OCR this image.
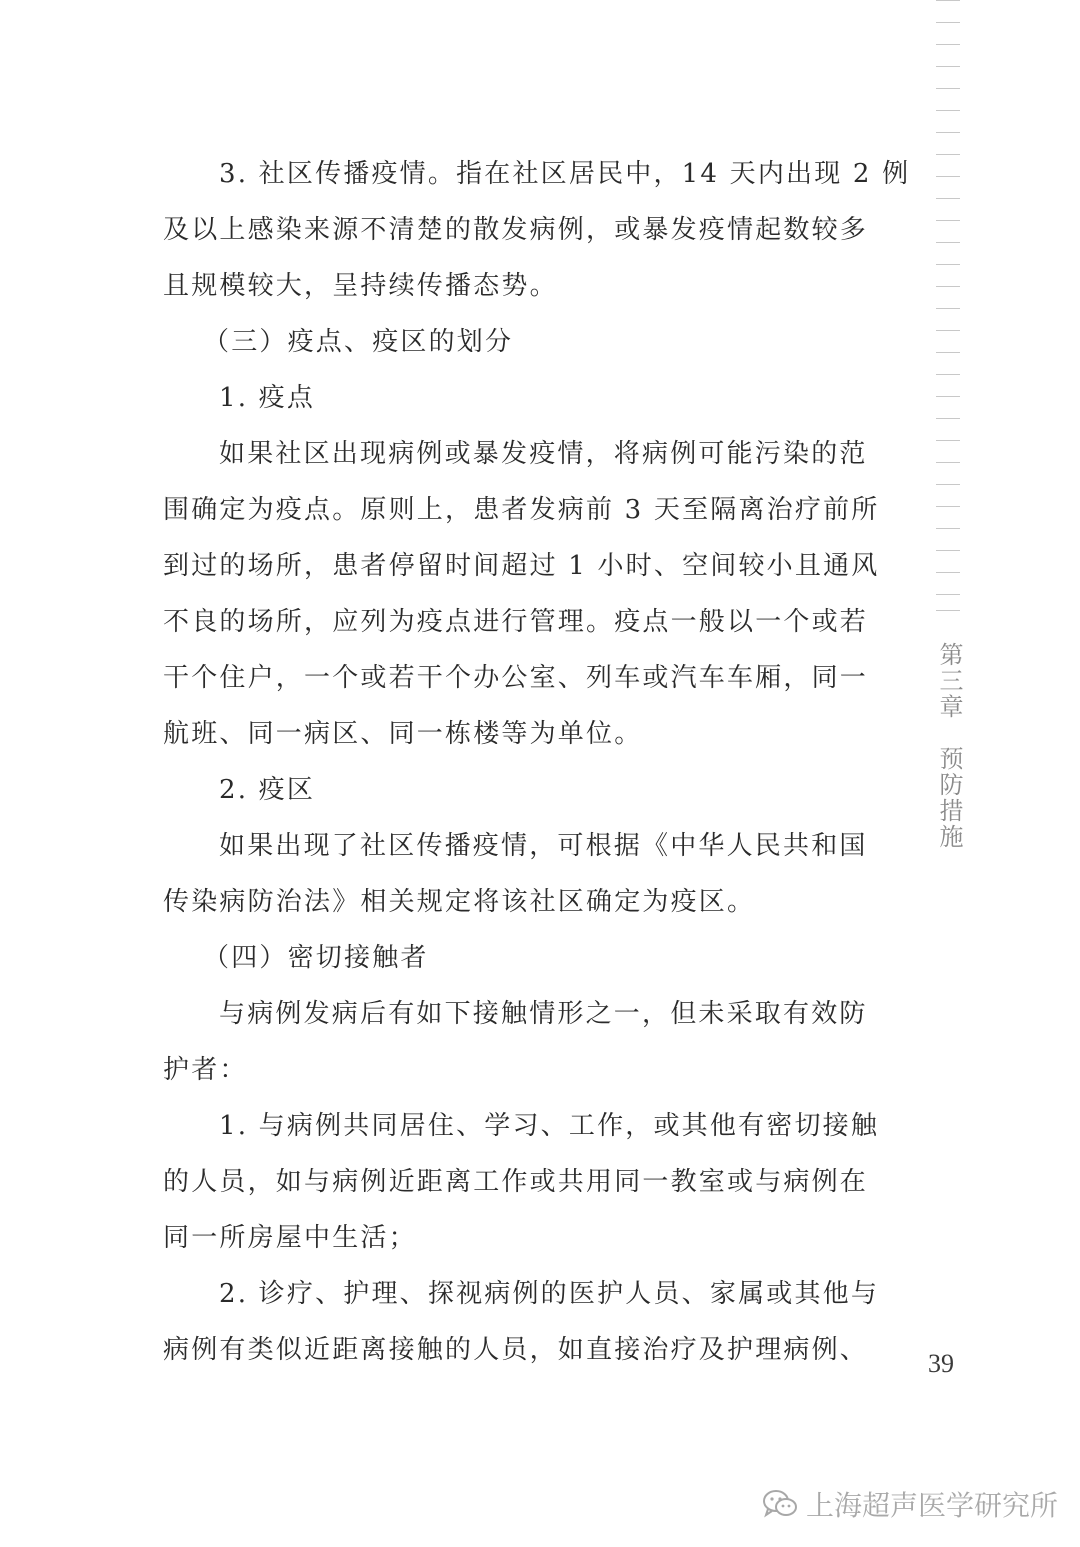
3. 社区传播疫情。指在社区居民中，14 天内出现 2 例
及以上感染来源不清楚的散发病例，或暴发疫情起数较多
且规模较大，呈持续传播态势。
（三）疫点、疫区的划分
1. 疫点
如果社区出现病例或暴发疫情，将病例可能污染的范
围确定为疫点。原则上，患者发病前 3 天至隔离治疗前所
到过的场所，患者停留时间超过 1 小时、空间较小且通风
不良的场所，应列为疫点进行管理。疫点一般以一个或若
干个住户，一个或若干个办公室、列车或汽车车厢，同一
航班、同一病区、同一栋楼等为单位。
2. 疫区
如果出现了社区传播疫情，可根据《中华人民共和国
传染病防治法》相关规定将该社区确定为疫区。
（四）密切接触者
与病例发病后有如下接触情形之一，但未采取有效防
护者：
1. 与病例共同居住、学习、工作，或其他有密切接触
的人员，如与病例近距离工作或共用同一教室或与病例在
同一所房屋中生活；
2. 诊疗、护理、探视病例的医护人员、家属或其他与
病例有类似近距离接触的人员，如直接治疗及护理病例、
第三章　预防措施
39
上海超声医学研究所
